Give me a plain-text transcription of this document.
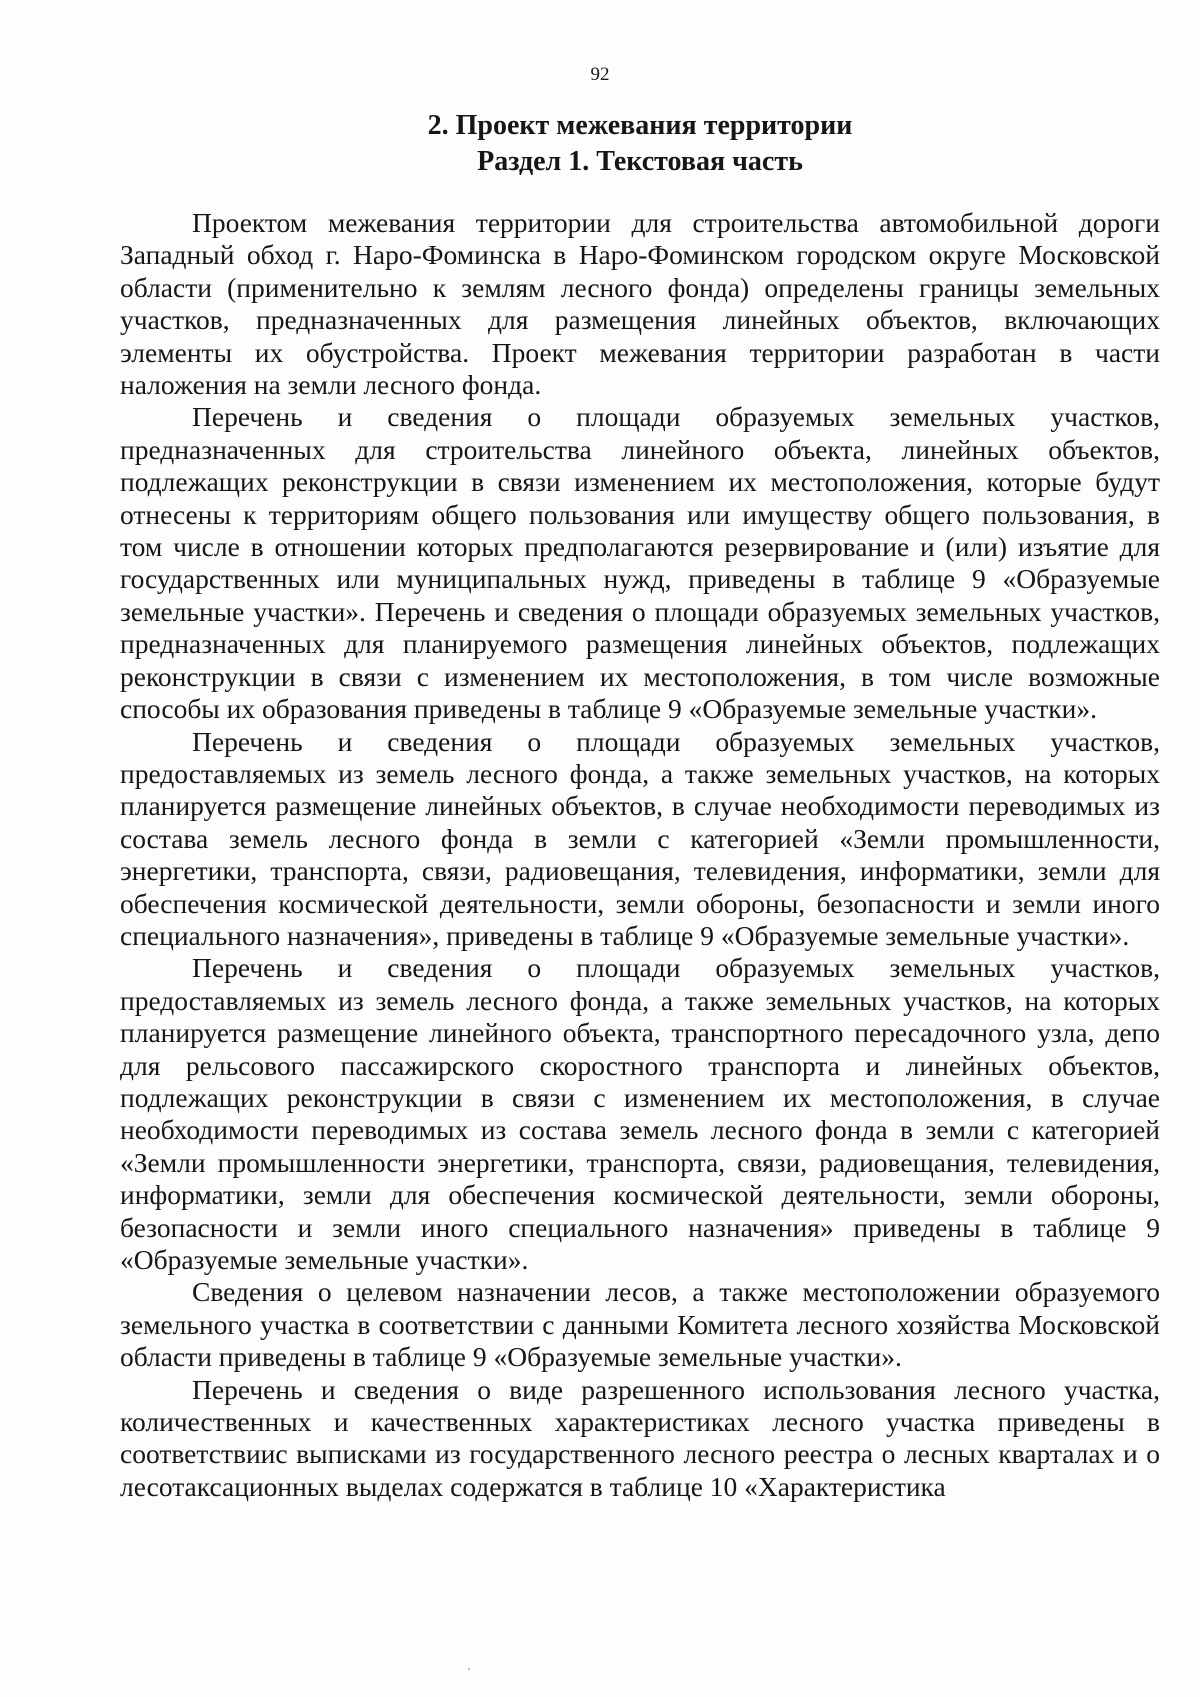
92
2. Проект межевания территории
Раздел 1. Текстовая часть

Проектом межевания территории для строительства автомобильной дороги Западный обход г. Наро-Фоминска в Наро-Фоминском городском округе Московской области (применительно к землям лесного фонда) определены границы земельных участков, предназначенных для размещения линейных объектов, включающих элементы их обустройства. Проект межевания территории разработан в части наложения на земли лесного фонда.

Перечень и сведения о площади образуемых земельных участков, предназначенных для строительства линейного объекта, линейных объектов, подлежащих реконструкции в связи изменением их местоположения, которые будут отнесены к территориям общего пользования или имуществу общего пользования, в том числе в отношении которых предполагаются резервирование и (или) изъятие для государственных или муниципальных нужд, приведены в таблице 9 «Образуемые земельные участки». Перечень и сведения о площади образуемых земельных участков, предназначенных для планируемого размещения линейных объектов, подлежащих реконструкции в связи с изменением их местоположения, в том числе возможные способы их образования приведены в таблице 9 «Образуемые земельные участки».

Перечень и сведения о площади образуемых земельных участков, предоставляемых из земель лесного фонда, а также земельных участков, на которых планируется размещение линейных объектов, в случае необходимости переводимых из состава земель лесного фонда в земли с категорией «Земли промышленности, энергетики, транспорта, связи, радиовещания, телевидения, информатики, земли для обеспечения космической деятельности, земли обороны, безопасности и земли иного специального назначения», приведены в таблице 9 «Образуемые земельные участки».

Перечень и сведения о площади образуемых земельных участков, предоставляемых из земель лесного фонда, а также земельных участков, на которых планируется размещение линейного объекта, транспортного пересадочного узла, депо для рельсового пассажирского скоростного транспорта и линейных объектов, подлежащих реконструкции в связи с изменением их местоположения, в случае необходимости переводимых из состава земель лесного фонда в земли с категорией «Земли промышленности энергетики, транспорта, связи, радиовещания, телевидения, информатики, земли для обеспечения космической деятельности, земли обороны, безопасности и земли иного специального назначения» приведены в таблице 9 «Образуемые земельные участки».

Сведения о целевом назначении лесов, а также местоположении образуемого земельного участка в соответствии с данными Комитета лесного хозяйства Московской области приведены в таблице 9 «Образуемые земельные участки».

Перечень и сведения о виде разрешенного использования лесного участка, количественных и качественных характеристиках лесного участка приведены в соответствиис выписками из государственного лесного реестра о лесных кварталах и о лесотаксационных выделах содержатся в таблице 10 «Характеристика
